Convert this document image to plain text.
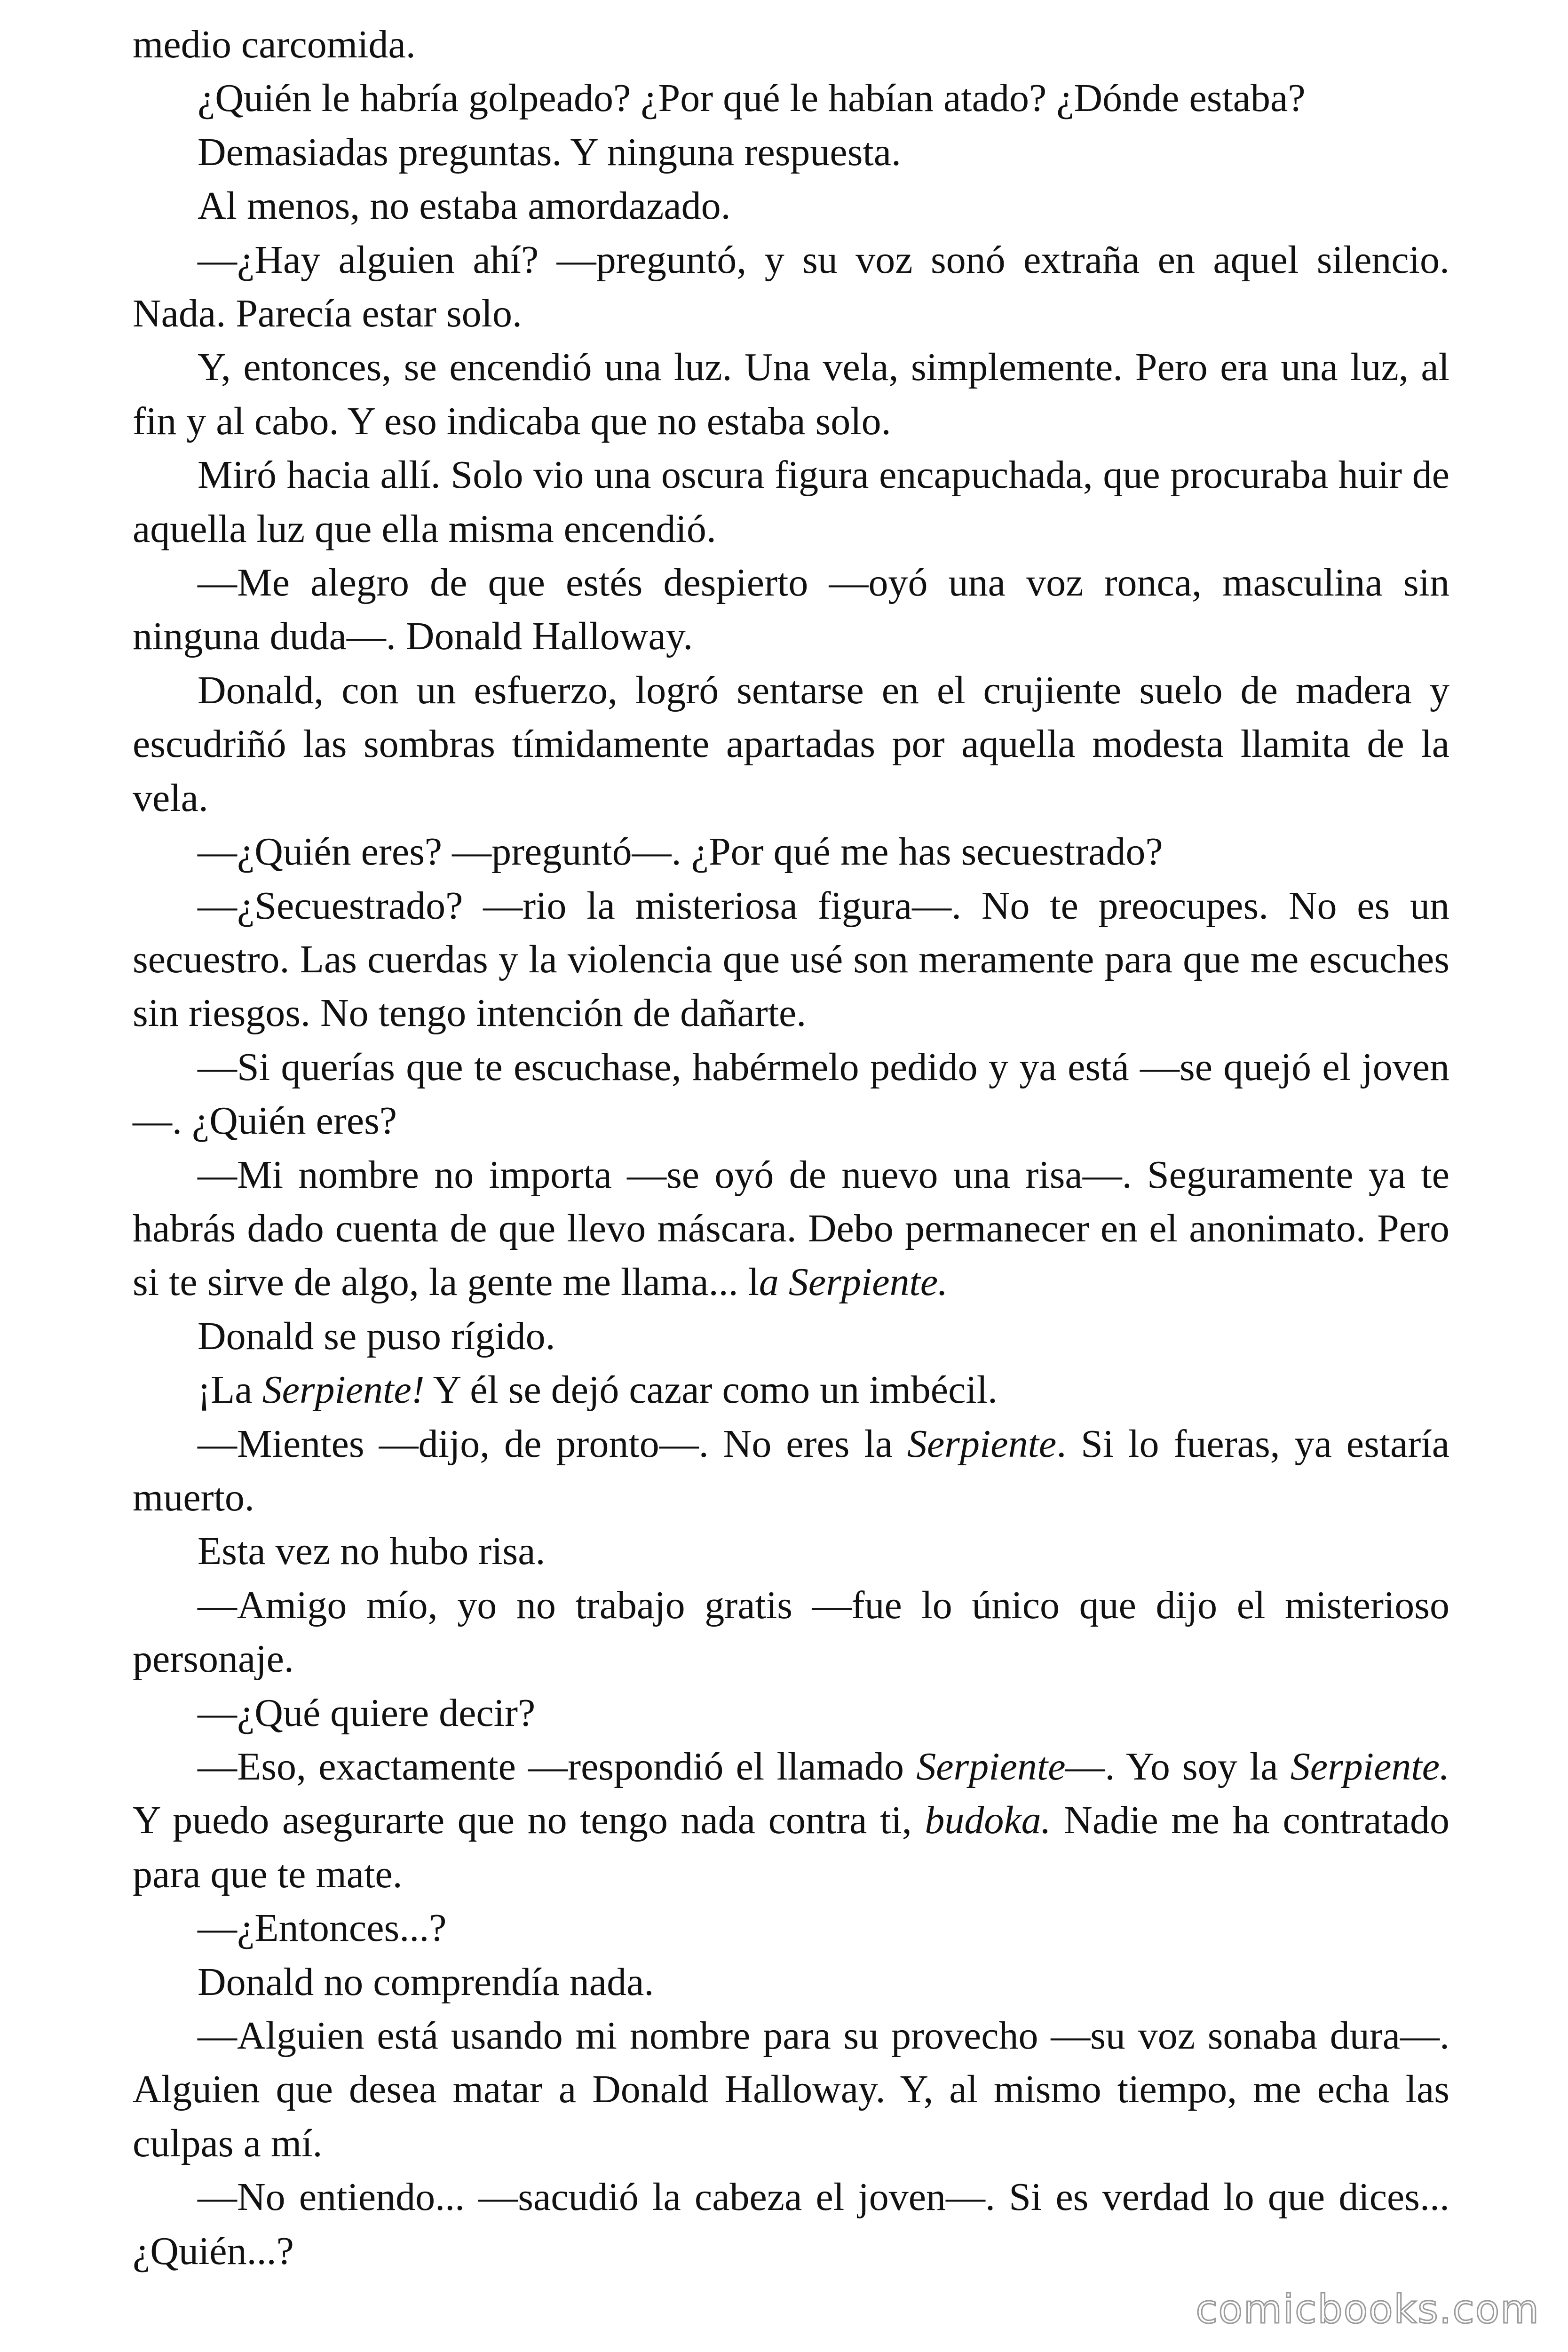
medio carcomida.

¿Quién le habría golpeado? ¿Por qué le habían atado? ¿Dónde estaba?

Demasiadas preguntas. Y ninguna respuesta.

Al menos, no estaba amordazado.

—¿Hay alguien ahí? —preguntó, y su voz sonó extraña en aquel silencio. Nada. Parecía estar solo.

Y, entonces, se encendió una luz. Una vela, simplemente. Pero era una luz, al fin y al cabo. Y eso indicaba que no estaba solo.

Miró hacia allí. Solo vio una oscura figura encapuchada, que procuraba huir de aquella luz que ella misma encendió.

—Me alegro de que estés despierto —oyó una voz ronca, masculina sin ninguna duda—. Donald Halloway.

Donald, con un esfuerzo, logró sentarse en el crujiente suelo de madera y escudriñó las sombras tímidamente apartadas por aquella modesta llamita de la vela.

—¿Quién eres? —preguntó—. ¿Por qué me has secuestrado?

—¿Secuestrado? —rio la misteriosa figura—. No te preocupes. No es un secuestro. Las cuerdas y la violencia que usé son meramente para que me escuches sin riesgos. No tengo intención de dañarte.

—Si querías que te escuchase, habérmelo pedido y ya está —se quejó el joven—. ¿Quién eres?

—Mi nombre no importa —se oyó de nuevo una risa—. Seguramente ya te habrás dado cuenta de que llevo máscara. Debo permanecer en el anonimato. Pero si te sirve de algo, la gente me llama... la Serpiente.

Donald se puso rígido.

¡La Serpiente! Y él se dejó cazar como un imbécil.

—Mientes —dijo, de pronto—. No eres la Serpiente. Si lo fueras, ya estaría muerto.

Esta vez no hubo risa.

—Amigo mío, yo no trabajo gratis —fue lo único que dijo el misterioso personaje.

—¿Qué quiere decir?

—Eso, exactamente —respondió el llamado Serpiente—. Yo soy la Serpiente. Y puedo asegurarte que no tengo nada contra ti, budoka. Nadie me ha contratado para que te mate.

—¿Entonces...?

Donald no comprendía nada.

—Alguien está usando mi nombre para su provecho —su voz sonaba dura—. Alguien que desea matar a Donald Halloway. Y, al mismo tiempo, me echa las culpas a mí.

—No entiendo... —sacudió la cabeza el joven—. Si es verdad lo que dices... ¿Quién...?

comicbooks.com
